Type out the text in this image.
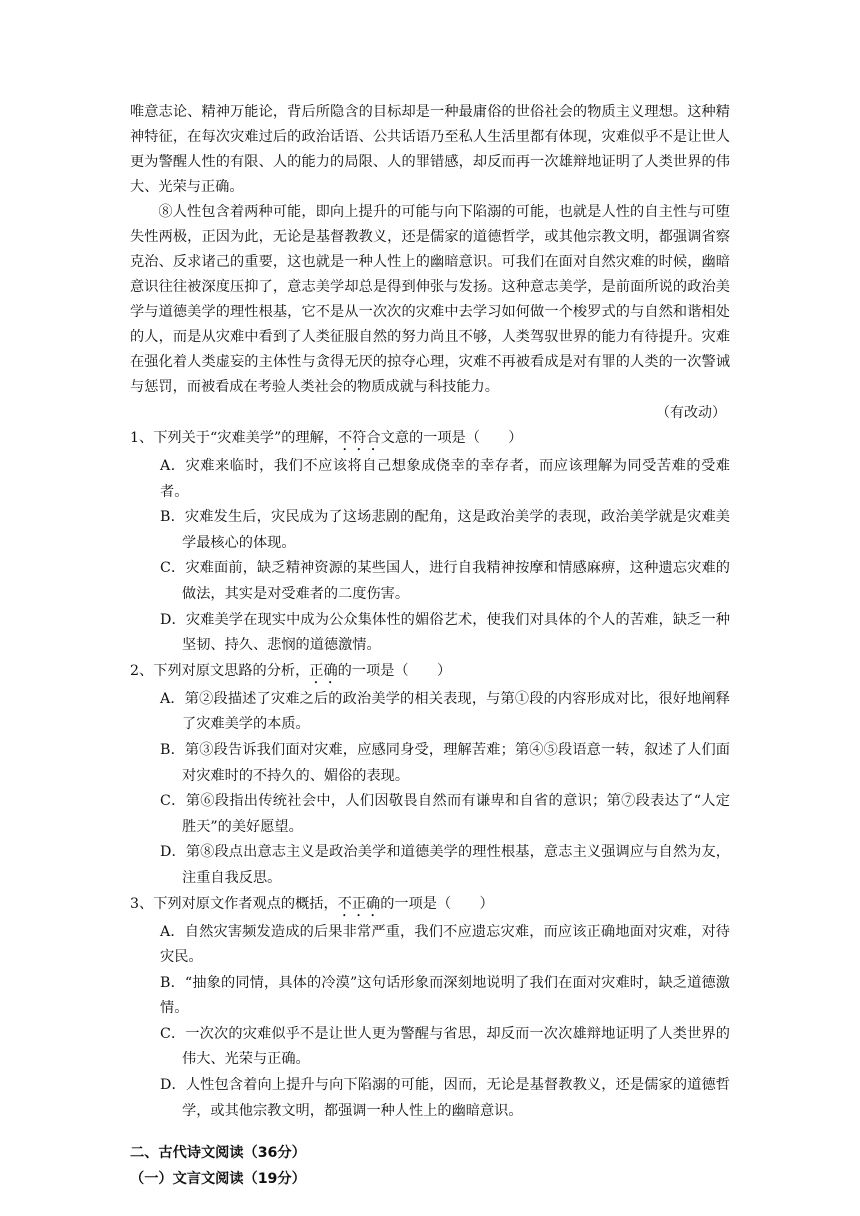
唯意志论、精神万能论，背后所隐含的目标却是一种最庸俗的世俗社会的物质主义理想。这种精神特征，在每次灾难过后的政治话语、公共话语乃至私人生活里都有体现，灾难似乎不是让世人更为警醒人性的有限、人的能力的局限、人的罪错感，却反而再一次雄辩地证明了人类世界的伟大、光荣与正确。

⑧人性包含着两种可能，即向上提升的可能与向下陷溺的可能，也就是人性的自主性与可堕失性两极，正因为此，无论是基督教教义，还是儒家的道德哲学，或其他宗教文明，都强调省察克治、反求诸己的重要，这也就是一种人性上的幽暗意识。可我们在面对自然灾难的时候，幽暗意识往往被深度压抑了，意志美学却总是得到伸张与发扬。这种意志美学，是前面所说的政治美学与道德美学的理性根基，它不是从一次次的灾难中去学习如何做一个梭罗式的与自然和谐相处的人，而是从灾难中看到了人类征服自然的努力尚且不够，人类驾驭世界的能力有待提升。灾难在强化着人类虚妄的主体性与贪得无厌的掠夺心理，灾难不再被看成是对有罪的人类的一次警诫与惩罚，而被看成在考验人类社会的物质成就与科技能力。

（有改动）

1、下列关于“灾难美学”的理解，不符合文意的一项是（　　）

A．灾难来临时，我们不应该将自己想象成侥幸的幸存者，而应该理解为同受苦难的受难者。

B．灾难发生后，灾民成为了这场悲剧的配角，这是政治美学的表现，政治美学就是灾难美学最核心的体现。

C．灾难面前，缺乏精神资源的某些国人，进行自我精神按摩和情感麻痹，这种遗忘灾难的做法，其实是对受难者的二度伤害。

D．灾难美学在现实中成为公众集体性的媚俗艺术，使我们对具体的个人的苦难，缺乏一种坚韧、持久、悲悯的道德激情。

2、下列对原文思路的分析，正确的一项是（　　）

A．第②段描述了灾难之后的政治美学的相关表现，与第①段的内容形成对比，很好地阐释了灾难美学的本质。

B．第③段告诉我们面对灾难，应感同身受，理解苦难；第④⑤段语意一转，叙述了人们面对灾难时的不持久的、媚俗的表现。

C．第⑥段指出传统社会中，人们因敬畏自然而有谦卑和自省的意识；第⑦段表达了“人定胜天”的美好愿望。

D．第⑧段点出意志主义是政治美学和道德美学的理性根基，意志主义强调应与自然为友，注重自我反思。

3、下列对原文作者观点的概括，不正确的一项是（　　）

A．自然灾害频发造成的后果非常严重，我们不应遗忘灾难，而应该正确地面对灾难，对待灾民。

B．“抽象的同情，具体的冷漠”这句话形象而深刻地说明了我们在面对灾难时，缺乏道德激情。

C．一次次的灾难似乎不是让世人更为警醒与省思，却反而一次次雄辩地证明了人类世界的伟大、光荣与正确。

D．人性包含着向上提升与向下陷溺的可能，因而，无论是基督教教义，还是儒家的道德哲学，或其他宗教文明，都强调一种人性上的幽暗意识。

二、古代诗文阅读（36分）

（一）文言文阅读（19分）
